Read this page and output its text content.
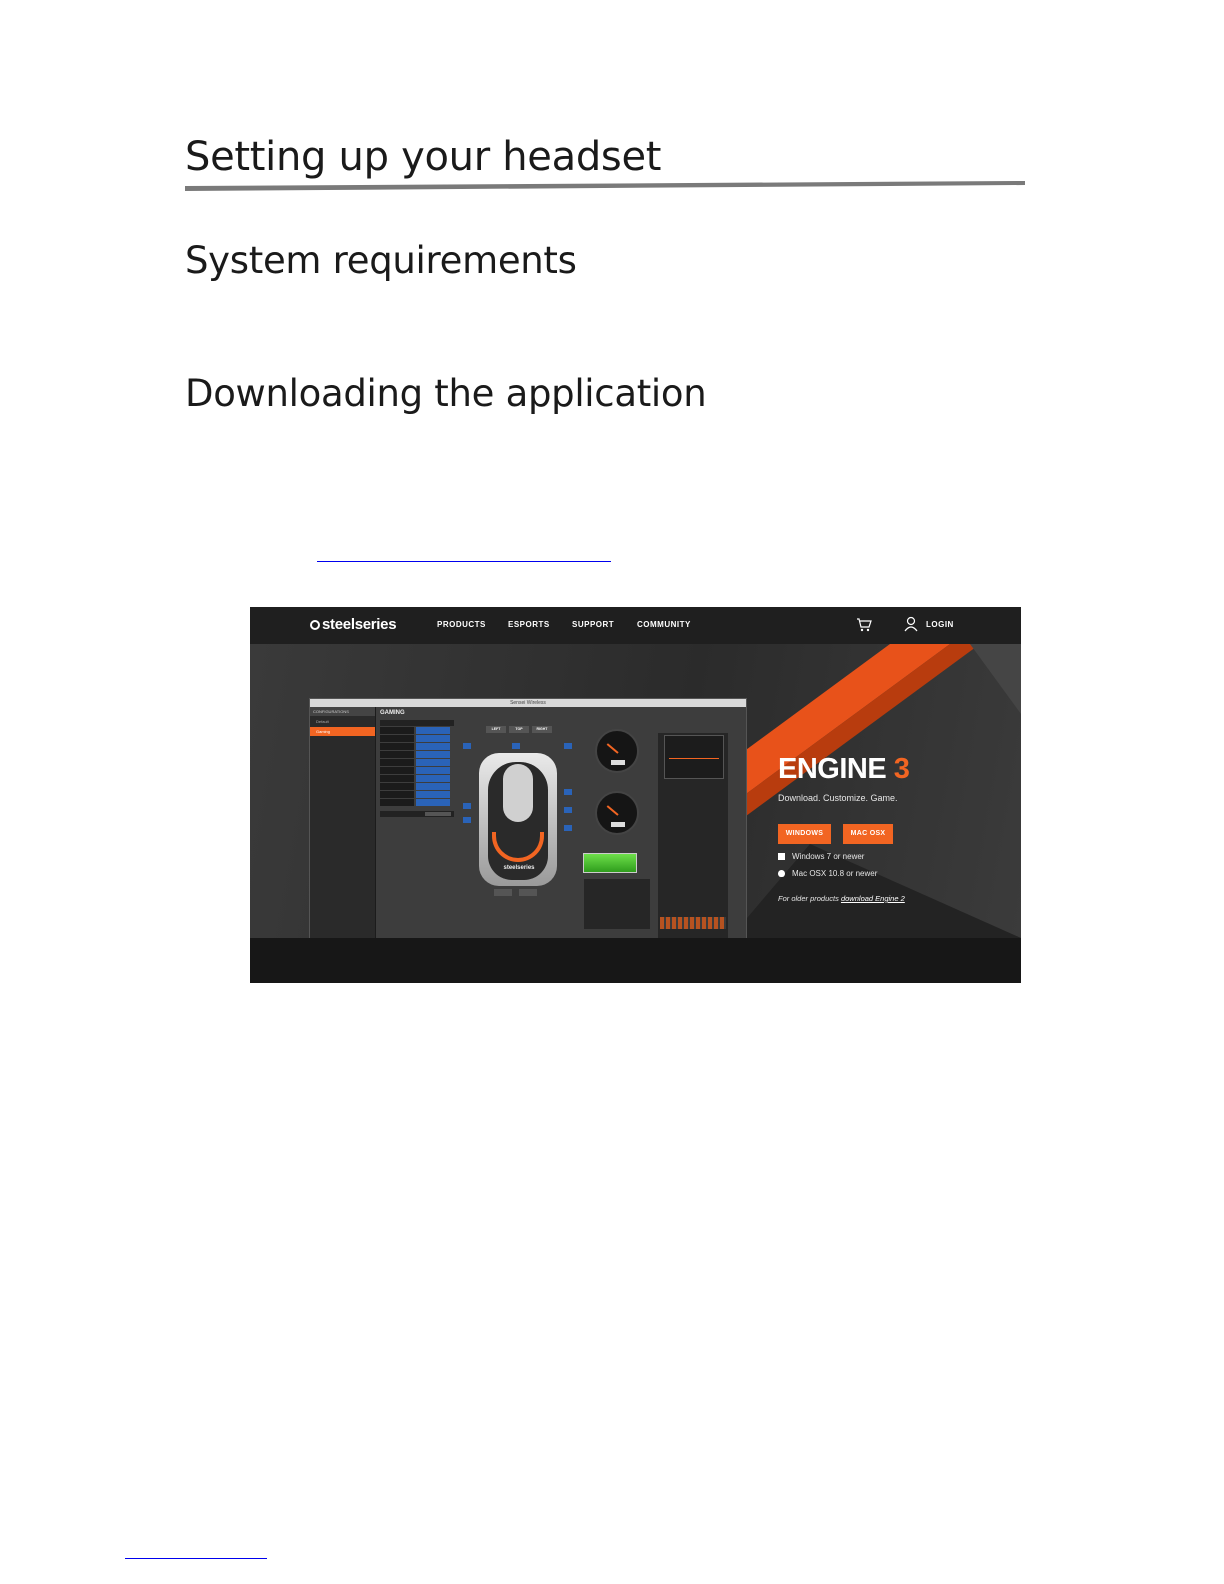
Setting up your headset
System requirements
Downloading the application
steelseries	PRODUCTS	ESPORTS	SUPPORT	COMMUNITY	LOGIN
Sensei Wireless
CONFIGURATIONS
Default
Gaming
GAMING
LEFT	TOP	RIGHT
steelseries
ENGINE 3
Download. Customize. Game.
WINDOWS	MAC OSX
Windows 7 or newer
Mac OSX 10.8 or newer
For older products download Engine 2
SPECIFICATIONS
